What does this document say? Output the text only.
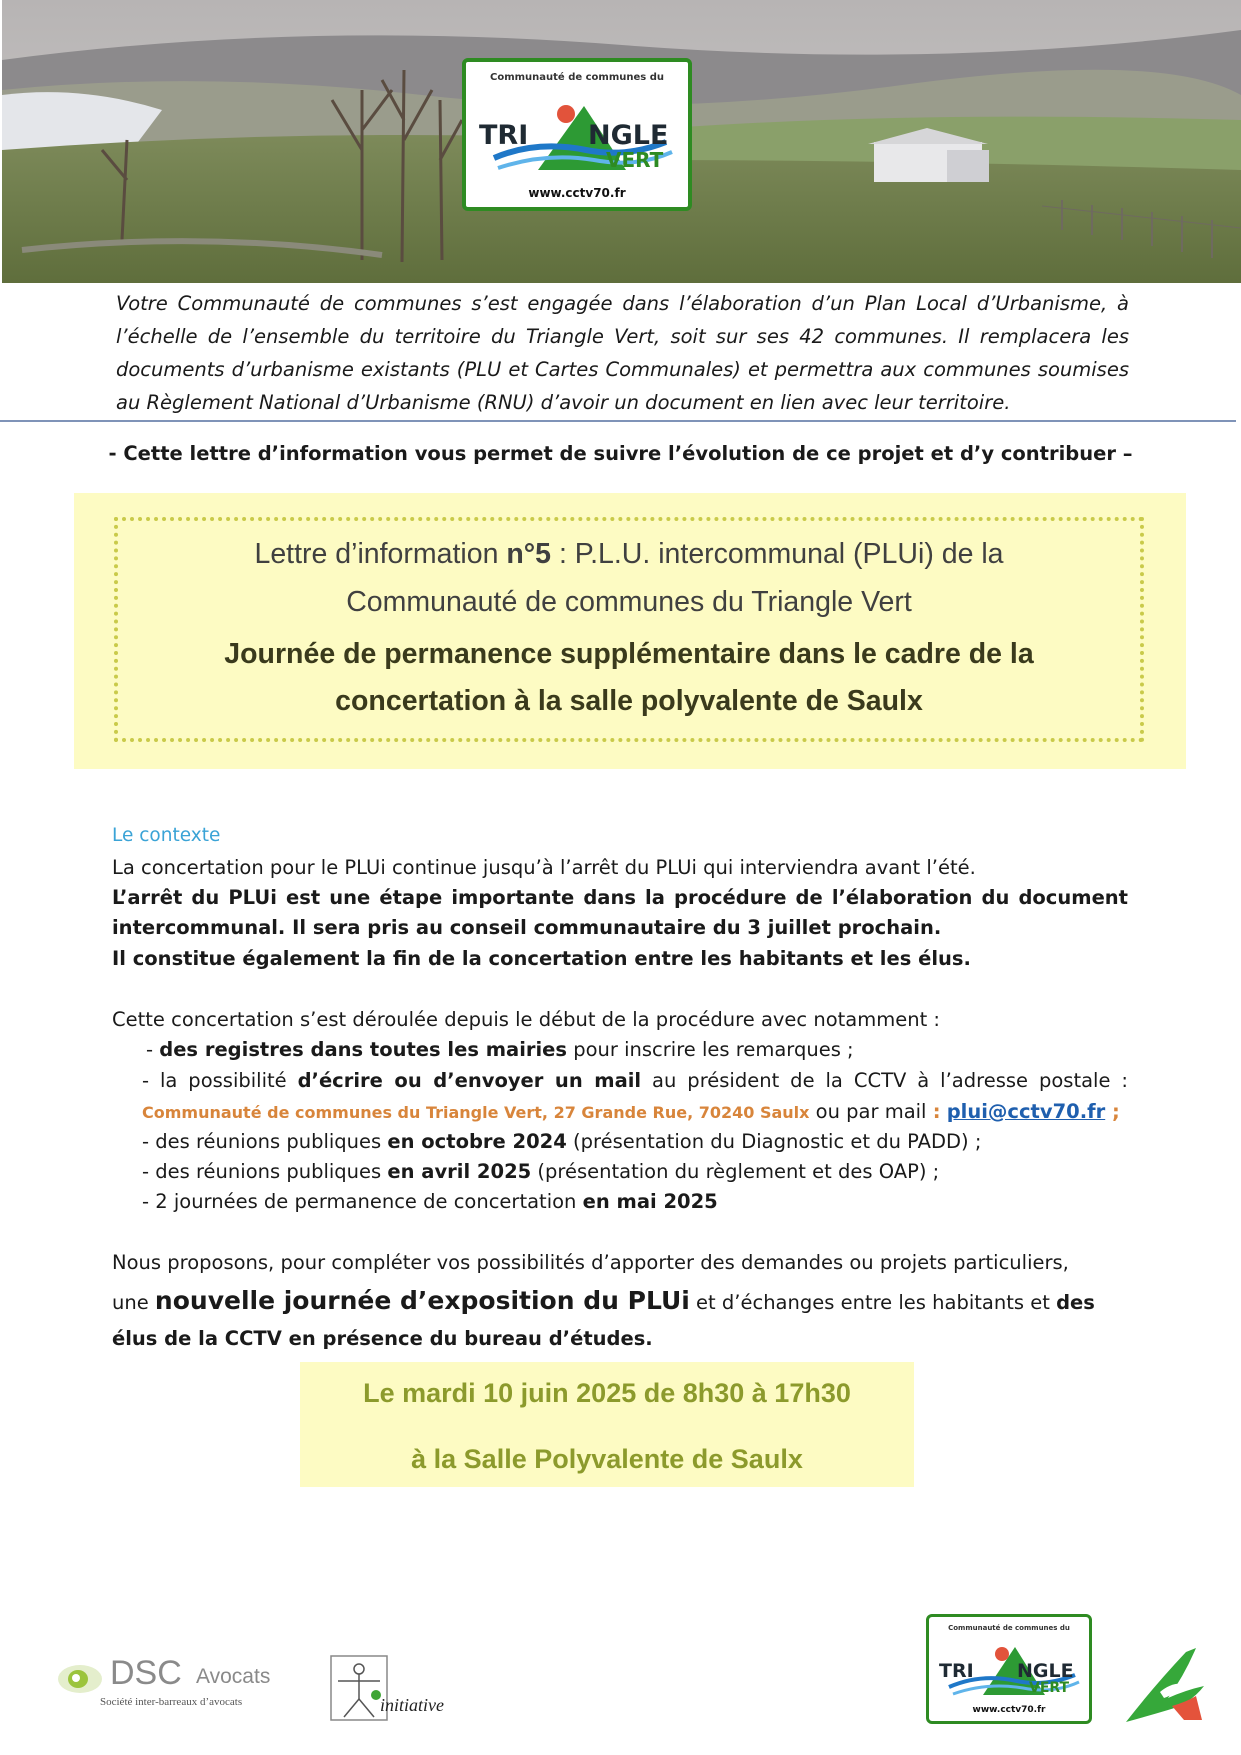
Communauté de communes du
TRI NGLE
VERT
www.cctv70.fr
Votre Communauté de communes s’est engagée dans l’élaboration d’un Plan Local d’Urbanisme, à l’échelle de l’ensemble du territoire du Triangle Vert, soit sur ses 42 communes. Il remplacera les documents d’urbanisme existants (PLU et Cartes Communales) et permettra aux communes soumises au Règlement National d’Urbanisme (RNU) d’avoir un document en lien avec leur territoire.
- Cette lettre d’information vous permet de suivre l’évolution de ce projet et d’y contribuer –
Lettre d’information n°5 : P.L.U. intercommunal (PLUi) de la
Communauté de communes du Triangle Vert
Journée de permanence supplémentaire dans le cadre de la
concertation à la salle polyvalente de Saulx
Le contexte
La concertation pour le PLUi continue jusqu’à l’arrêt du PLUi qui interviendra avant l’été.
L’arrêt du PLUi est une étape importante dans la procédure de l’élaboration du document intercommunal. Il sera pris au conseil communautaire du 3 juillet prochain.
Il constitue également la fin de la concertation entre les habitants et les élus.
Cette concertation s’est déroulée depuis le début de la procédure avec notamment :
- des registres dans toutes les mairies pour inscrire les remarques ;
- la possibilité d’écrire ou d’envoyer un mail au président de la CCTV à l’adresse postale :
Communauté de communes du Triangle Vert, 27 Grande Rue, 70240 Saulx ou par mail : plui@cctv70.fr ;
- des réunions publiques en octobre 2024 (présentation du Diagnostic et du PADD) ;
- des réunions publiques en avril 2025 (présentation du règlement et des OAP) ;
- 2 journées de permanence de concertation en mai 2025
Nous proposons, pour compléter vos possibilités d’apporter des demandes ou projets particuliers,
une nouvelle journée d’exposition du PLUi et d’échanges entre les habitants et des
élus de la CCTV en présence du bureau d’études.
Le mardi 10 juin 2025 de 8h30 à 17h30
à la Salle Polyvalente de Saulx
DSC Avocats
Société inter-barreaux d’avocats	initiative
Communauté de communes du
TRI NGLE
VERT
www.cctv70.fr
